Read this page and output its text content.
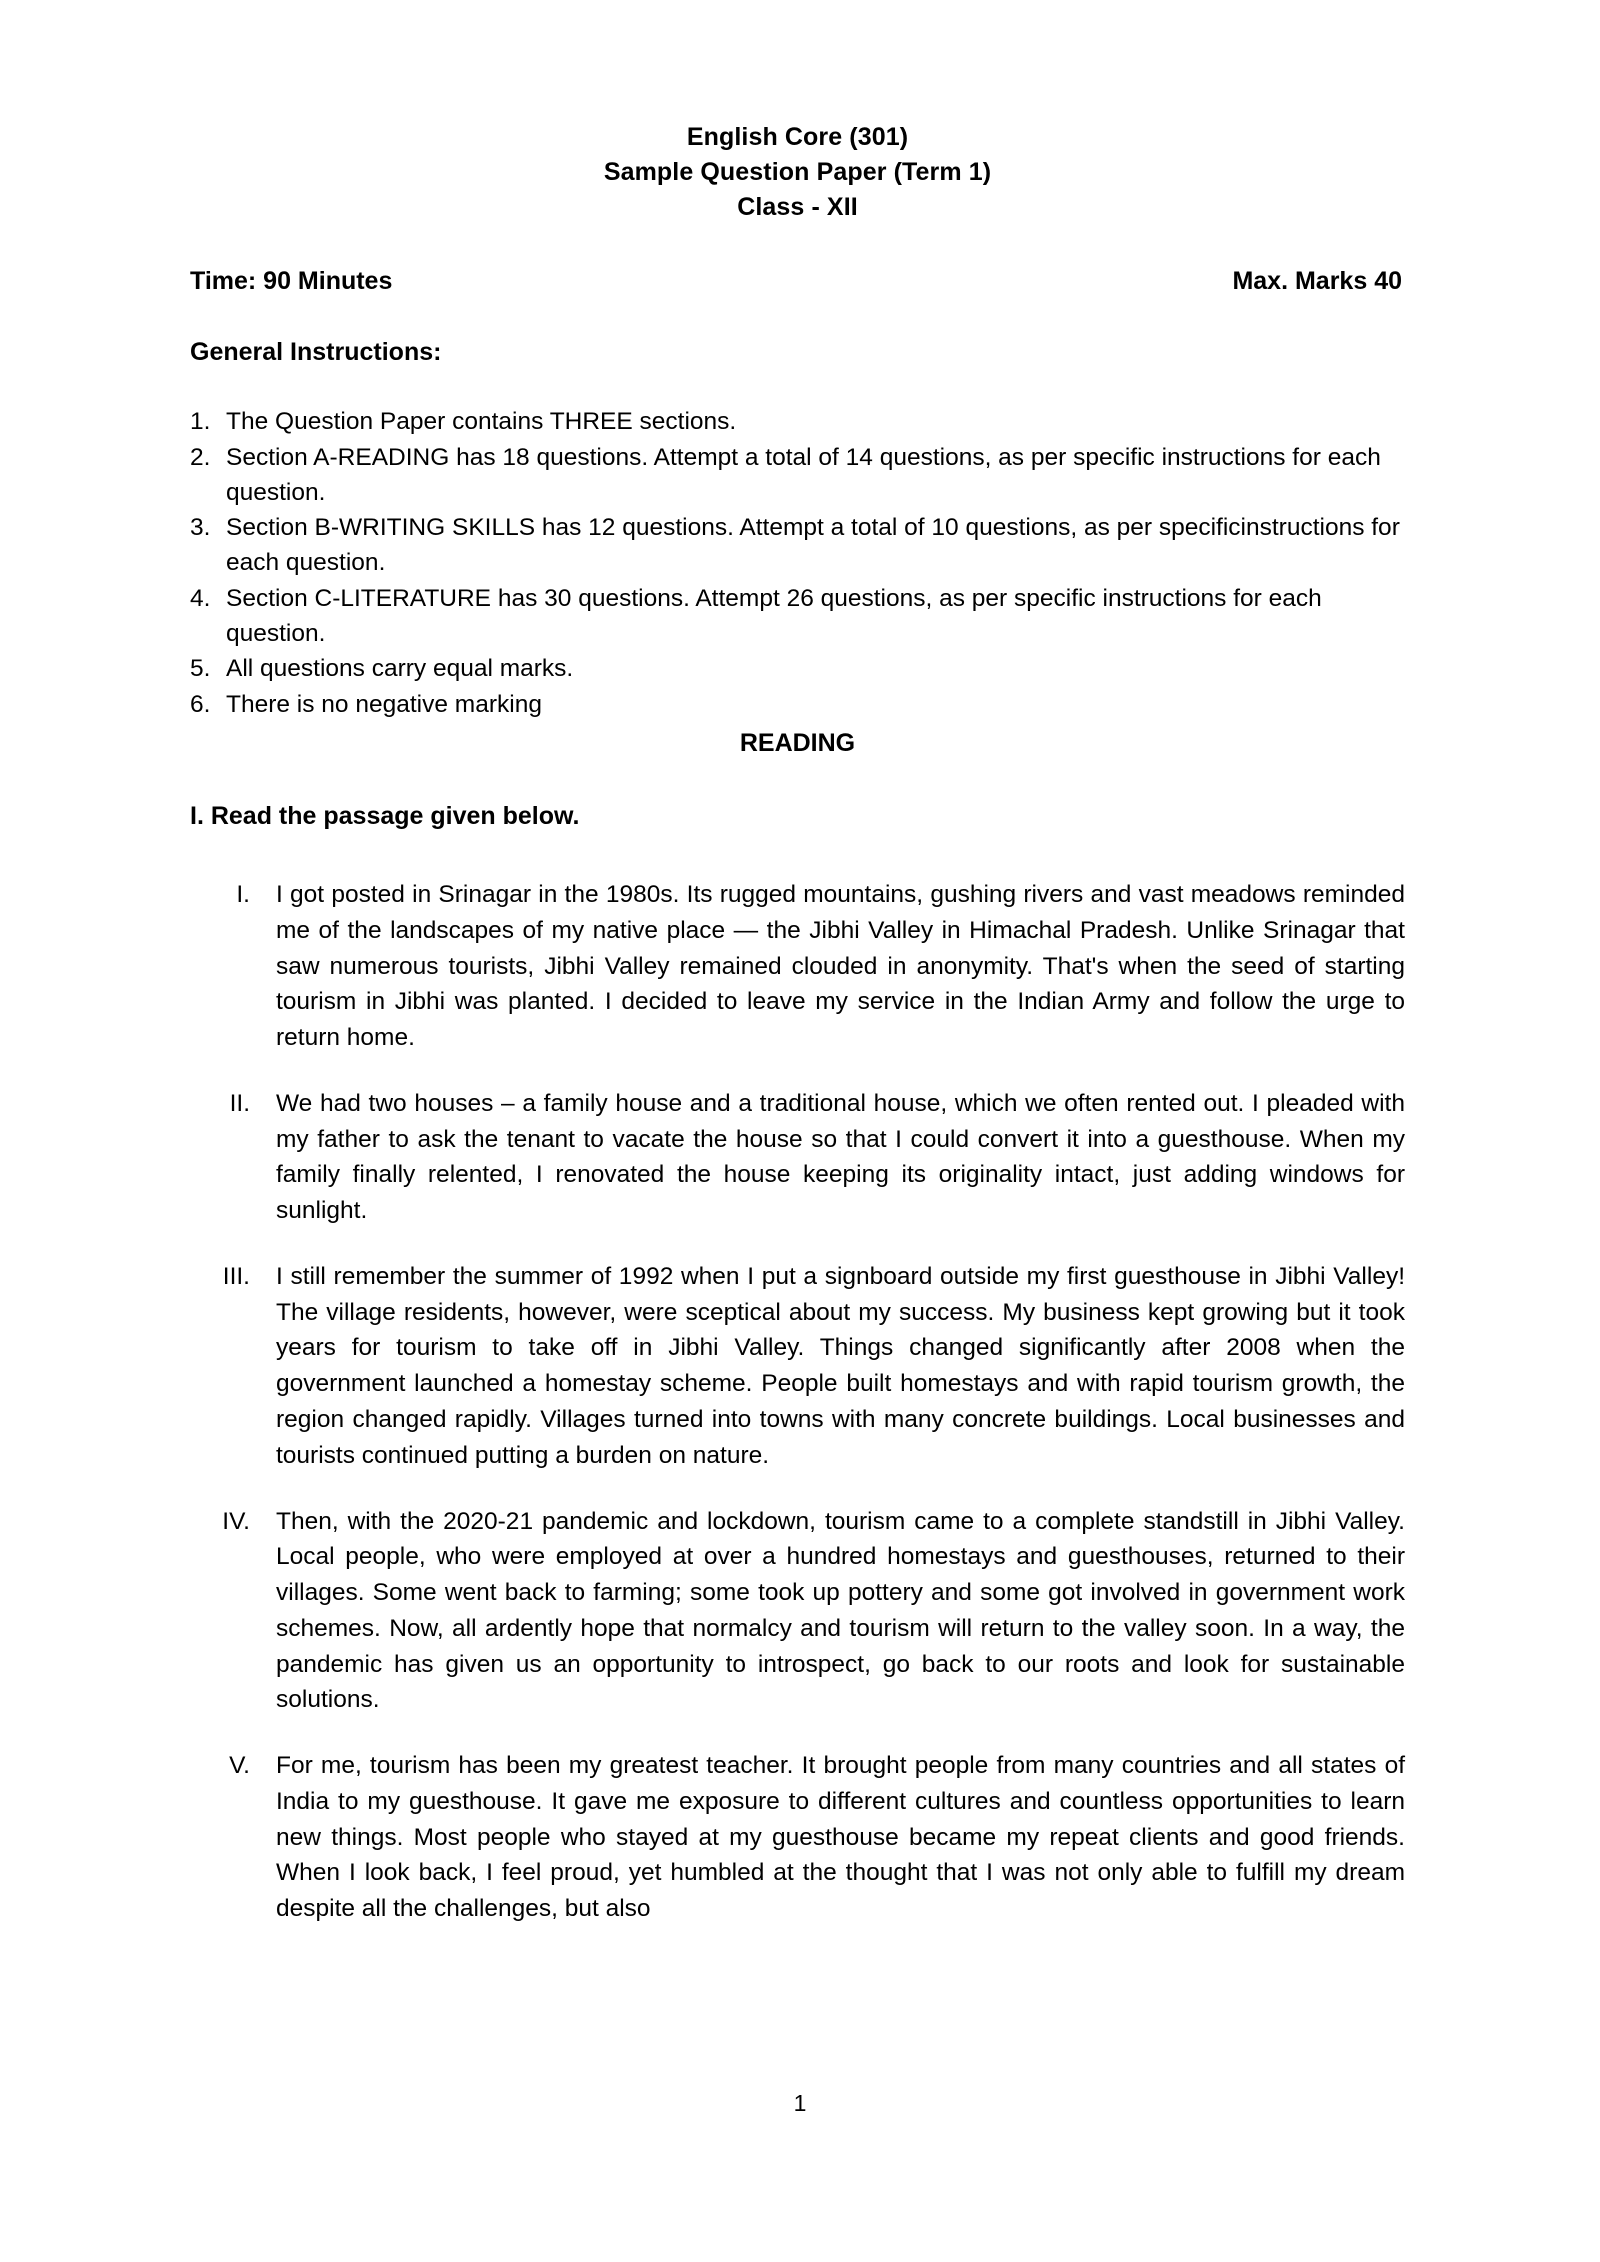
English Core (301)
Sample Question Paper (Term 1)
Class - XII
Time: 90 Minutes	Max. Marks 40
General Instructions:
1. The Question Paper contains THREE sections.
2. Section A-READING has 18 questions. Attempt a total of 14 questions, as per specific instructions for each question.
3. Section B-WRITING SKILLS has 12 questions. Attempt a total of 10 questions, as per specificinstructions for each question.
4. Section C-LITERATURE has 30 questions. Attempt 26 questions, as per specific instructions for each question.
5. All questions carry equal marks.
6. There is no negative marking
READING
I. Read the passage given below.
I.	I got posted in Srinagar in the 1980s. Its rugged mountains, gushing rivers and vast meadows reminded me of the landscapes of my native place — the Jibhi Valley in Himachal Pradesh. Unlike Srinagar that saw numerous tourists, Jibhi Valley remained clouded in anonymity. That's when the seed of starting tourism in Jibhi was planted. I decided to leave my service in the Indian Army and follow the urge to return home.
II.	We had two houses – a family house and a traditional house, which we often rented out. I pleaded with my father to ask the tenant to vacate the house so that I could convert it into a guesthouse. When my family finally relented, I renovated the house keeping its originality intact, just adding windows for sunlight.
III.	I still remember the summer of 1992 when I put a signboard outside my first guesthouse in Jibhi Valley! The village residents, however, were sceptical about my success. My business kept growing but it took years for tourism to take off in Jibhi Valley. Things changed significantly after 2008 when the government launched a homestay scheme. People built homestays and with rapid tourism growth, the region changed rapidly. Villages turned into towns with many concrete buildings. Local businesses and tourists continued putting a burden on nature.
IV.	Then, with the 2020-21 pandemic and lockdown, tourism came to a complete standstill in Jibhi Valley. Local people, who were employed at over a hundred homestays and guesthouses, returned to their villages. Some went back to farming; some took up pottery and some got involved in government work schemes. Now, all ardently hope that normalcy and tourism will return to the valley soon. In a way, the pandemic has given us an opportunity to introspect, go back to our roots and look for sustainable solutions.
V.	For me, tourism has been my greatest teacher. It brought people from many countries and all states of India to my guesthouse. It gave me exposure to different cultures and countless opportunities to learn new things. Most people who stayed at my guesthouse became my repeat clients and good friends. When I look back, I feel proud, yet humbled at the thought that I was not only able to fulfill my dream despite all the challenges, but also
1
